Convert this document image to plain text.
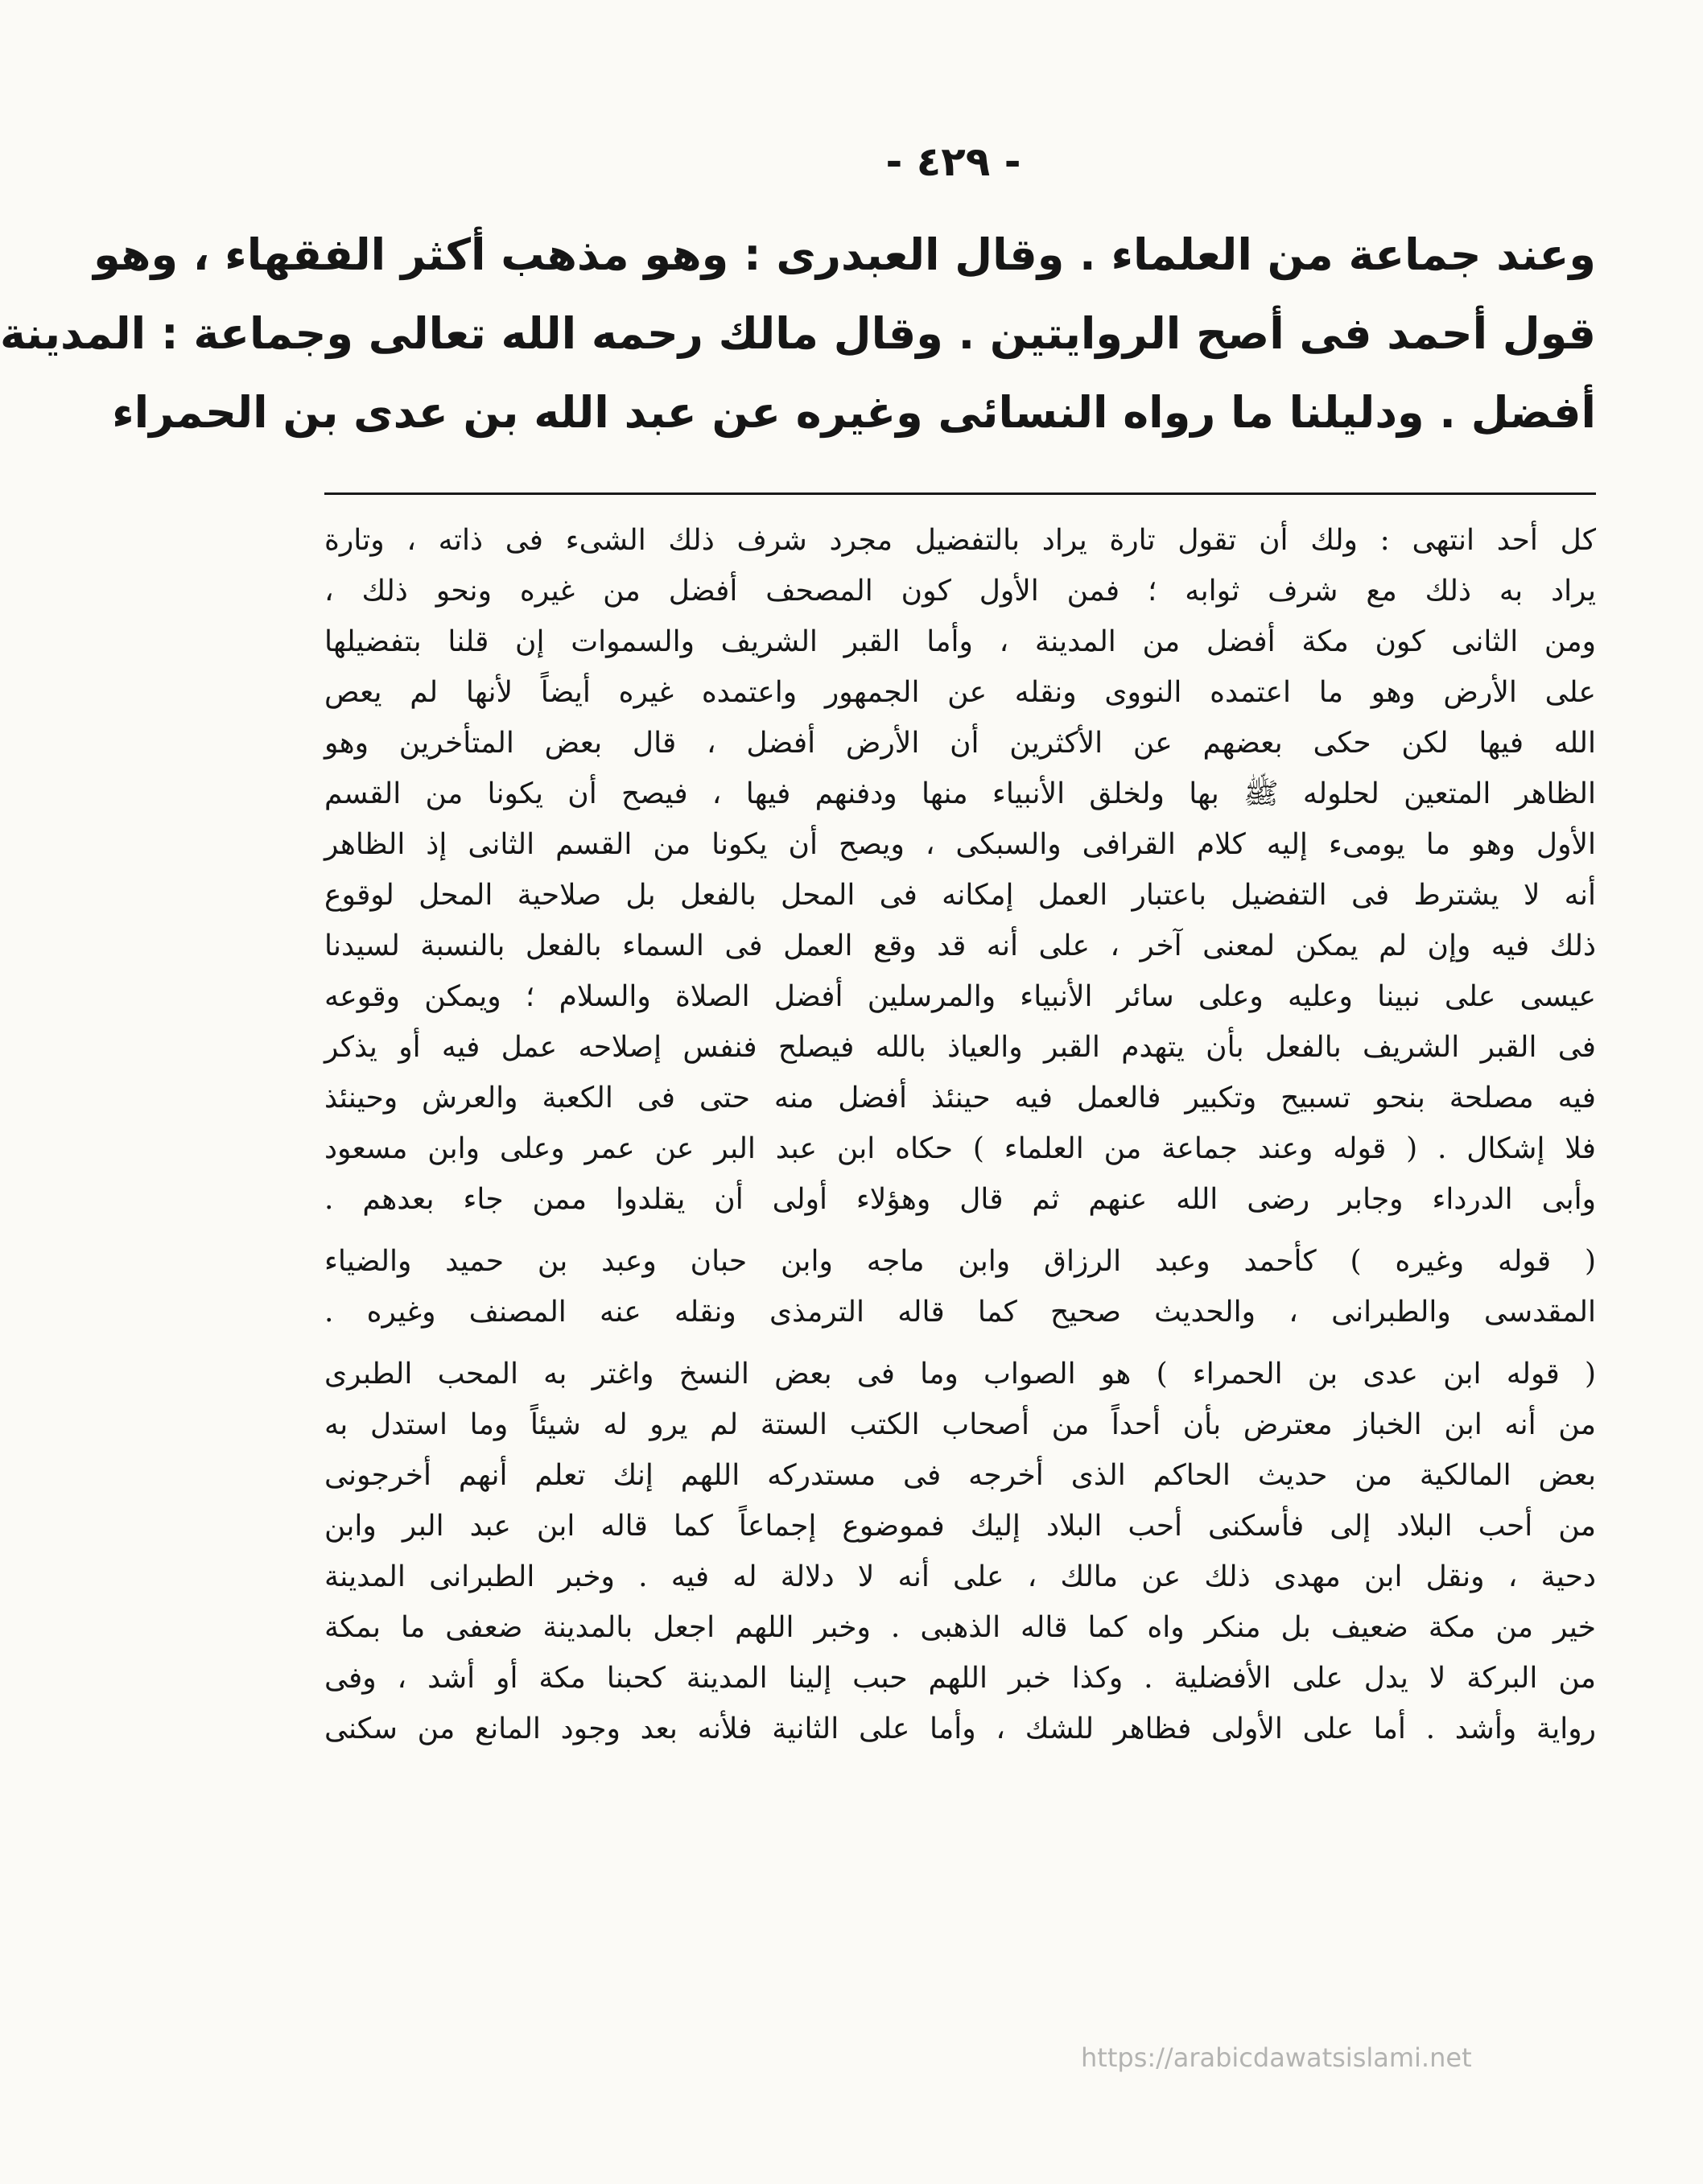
- ٤٢٩ -
وعند جماعة من العلماء . وقال العبدرى : وهو مذهب أكثر الفقهاء ، وهو
قول أحمد فى أصح الروايتين . وقال مالك رحمه الله تعالى وجماعة : المدينة
أفضل . ودليلنا ما رواه النسائى وغيره عن عبد الله بن عدى بن الحمراء
كل أحد انتهى : ولك أن تقول تارة يراد بالتفضيل مجرد شرف ذلك الشىء فى ذاته ، وتارة
يراد به ذلك مع شرف ثوابه ؛ فمن الأول كون المصحف أفضل من غيره ونحو ذلك ،
ومن الثانى كون مكة أفضل من المدينة ، وأما القبر الشريف والسموات إن قلنا بتفضيلها
على الأرض وهو ما اعتمده النووى ونقله عن الجمهور واعتمده غيره أيضاً لأنها لم يعص
الله فيها لكن حكى بعضهم عن الأكثرين أن الأرض أفضل ، قال بعض المتأخرين وهو
الظاهر المتعين لحلوله ﷺ بها ولخلق الأنبياء منها ودفنهم فيها ، فيصح أن يكونا من القسم
الأول وهو ما يومىء إليه كلام القرافى والسبكى ، ويصح أن يكونا من القسم الثانى إذ الظاهر
أنه لا يشترط فى التفضيل باعتبار العمل إمكانه فى المحل بالفعل بل صلاحية المحل لوقوع
ذلك فيه وإن لم يمكن لمعنى آخر ، على أنه قد وقع العمل فى السماء بالفعل بالنسبة لسيدنا
عيسى على نبينا وعليه وعلى سائر الأنبياء والمرسلين أفضل الصلاة والسلام ؛ ويمكن وقوعه
فى القبر الشريف بالفعل بأن يتهدم القبر والعياذ بالله فيصلح فنفس إصلاحه عمل فيه أو يذكر
فيه مصلحة بنحو تسبيح وتكبير فالعمل فيه حينئذ أفضل منه حتى فى الكعبة والعرش وحينئذ
فلا إشكال . ( قوله وعند جماعة من العلماء ) حكاه ابن عبد البر عن عمر وعلى وابن مسعود
وأبى الدرداء وجابر رضى الله عنهم ثم قال وهؤلاء أولى أن يقلدوا ممن جاء بعدهم .
( قوله وغيره ) كأحمد وعبد الرزاق وابن ماجه وابن حبان وعبد بن حميد والضياء
المقدسى والطبرانى ، والحديث صحيح كما قاله الترمذى ونقله عنه المصنف وغيره .
( قوله ابن عدى بن الحمراء ) هو الصواب وما فى بعض النسخ واغتر به المحب الطبرى
من أنه ابن الخباز معترض بأن أحداً من أصحاب الكتب الستة لم يرو له شيئاً وما استدل به
بعض المالكية من حديث الحاكم الذى أخرجه فى مستدركه اللهم إنك تعلم أنهم أخرجونى
من أحب البلاد إلى فأسكنى أحب البلاد إليك فموضوع إجماعاً كما قاله ابن عبد البر وابن
دحية ، ونقل ابن مهدى ذلك عن مالك ، على أنه لا دلالة له فيه . وخبر الطبرانى المدينة
خير من مكة ضعيف بل منكر واه كما قاله الذهبى . وخبر اللهم اجعل بالمدينة ضعفى ما بمكة
من البركة لا يدل على الأفضلية . وكذا خبر اللهم حبب إلينا المدينة كحبنا مكة أو أشد ، وفى
رواية وأشد . أما على الأولى فظاهر للشك ، وأما على الثانية فلأنه بعد وجود المانع من سكنى
https://arabicdawatsislami.net
